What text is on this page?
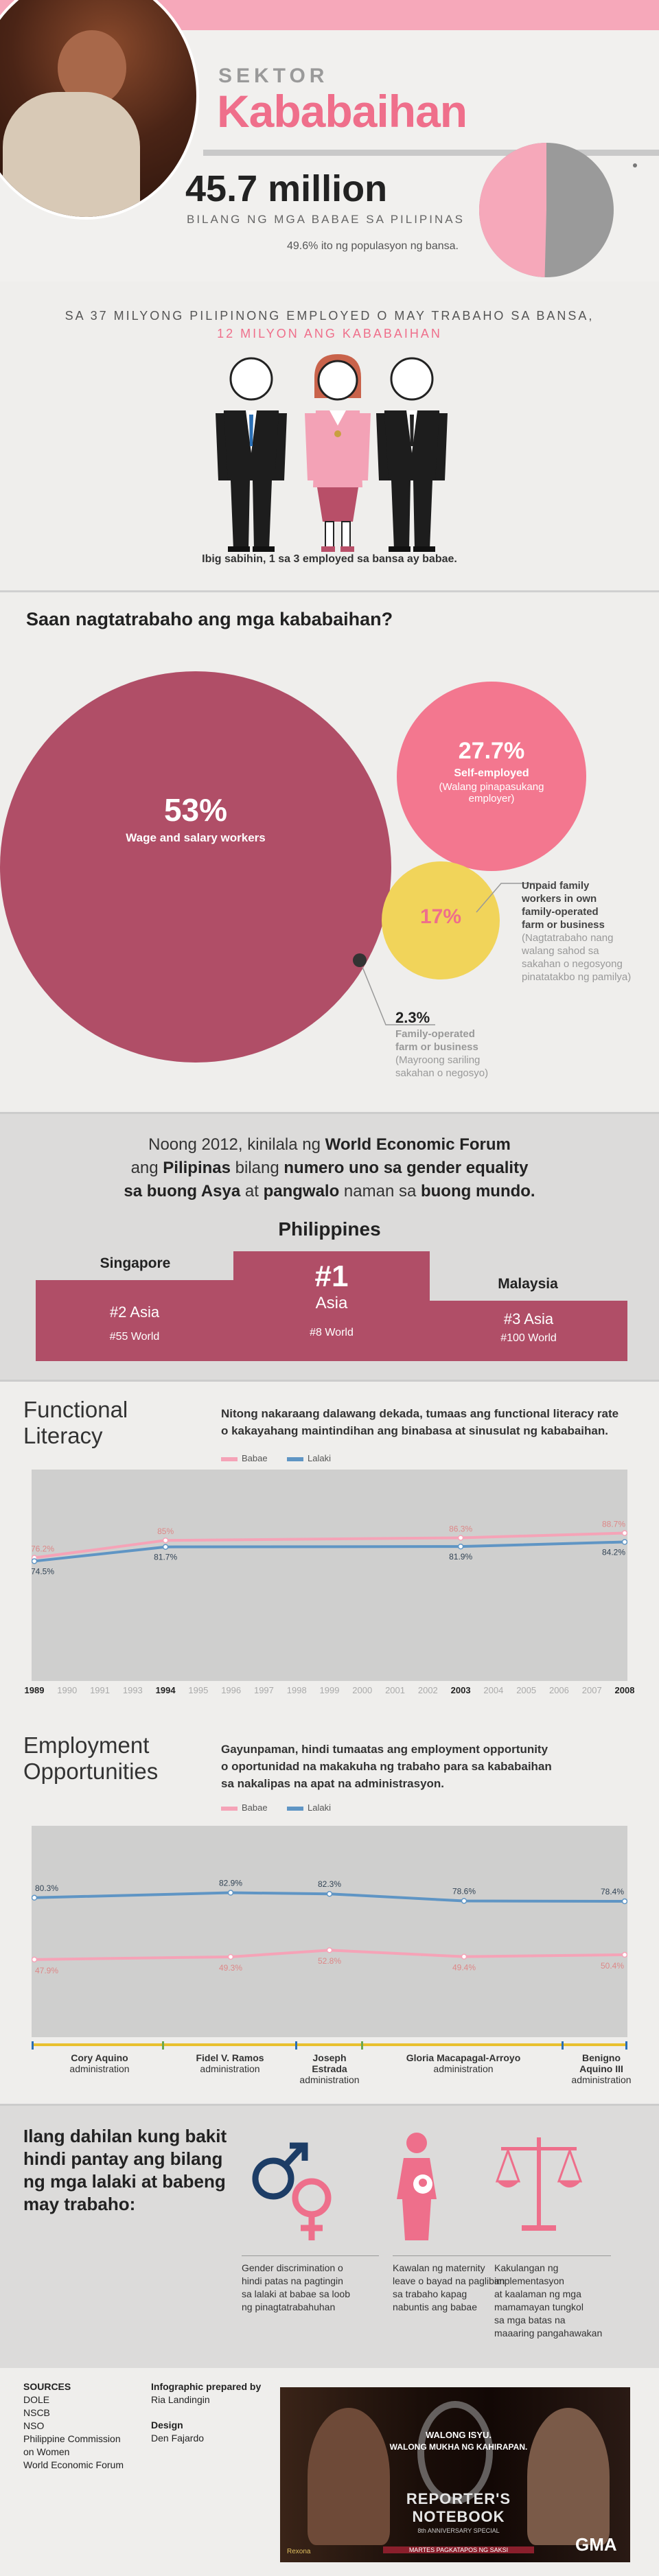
SEKTOR
Kababaihan
45.7 million
BILANG NG MGA BABAE SA PILIPINAS
49.6% ito ng populasyon ng bansa.
SA 37 MILYONG PILIPINONG EMPLOYED O MAY TRABAHO SA BANSA,
12 MILYON ANG KABABAIHAN
Ibig sabihin, 1 sa 3 employed sa bansa ay babae.
Saan nagtatrabaho ang mga kababaihan?
53%
Wage and salary workers
27.7%
Self-employed
(Walang pinapasukang
employer)
17%
Unpaid family
workers in own
family-operated
farm or business
(Nagtatrabaho nang
walang sahod sa
sakahan o negosyong
pinatatakbo ng pamilya)
2.3%
Family-operated
farm or business
(Mayroong sariling
sakahan o negosyo)
Noong 2012, kinilala ng World Economic Forum
ang Pilipinas bilang numero uno sa gender equality
sa buong Asya at pangwalo naman sa buong mundo.
Philippines
Singapore
Malaysia
#1
Asia
#8 World
#2 Asia
#55 World
#3 Asia
#100 World
Functional
Literacy
Nitong nakaraang dalawang dekada, tumaas ang functional literacy rate
o kakayahang maintindihan ang binabasa at sinusulat ng kababaihan.
Babae	Lalaki
76.2%
85%	86.3%	88.7%
74.5%
81.7%	81.9%	84.2%
1989	1990	1991	1993	1994	1995	1996	1997	1998	1999	2000	2001	2002	2003	2004	2005	2006	2007	2008
Employment
Opportunities
Gayunpaman, hindi tumaatas ang employment opportunity
o oportunidad na makakuha ng trabaho para sa kababaihan
sa nakalipas na apat na administrasyon.
Babae	Lalaki
80.3%
82.9%	82.3%
78.6%	78.4%
47.9%	49.3%
52.8%
49.4%	50.4%
Cory Aquino
administration
Fidel V. Ramos
administration
Joseph
Estrada
administration
Gloria Macapagal-Arroyo
administration
Benigno
Aquino III
administration
Ilang dahilan kung bakit
hindi pantay ang bilang
ng mga lalaki at babeng
may trabaho:
Gender discrimination o
hindi patas na pagtingin
sa lalaki at babae sa loob
ng pinagtatrabahuhan
Kawalan ng maternity
leave o bayad na pagliban
sa trabaho kapag
nabuntis ang babae
Kakulangan ng
implementasyon
at kaalaman ng mga
mamamayan tungkol
sa mga batas na
maaaring pangahawakan
SOURCES
DOLE
NSCB
NSO
Philippine Commission
on Women
World Economic Forum
Infographic prepared by
Ria Landingin
Design
Den Fajardo	WALONG ISYU.
WALONG MUKHA NG KAHIRAPAN.
REPORTER'S
NOTEBOOK
8th ANNIVERSARY SPECIAL
MARTES PAGKATAPOS NG SAKSI
Rexona	GMA
